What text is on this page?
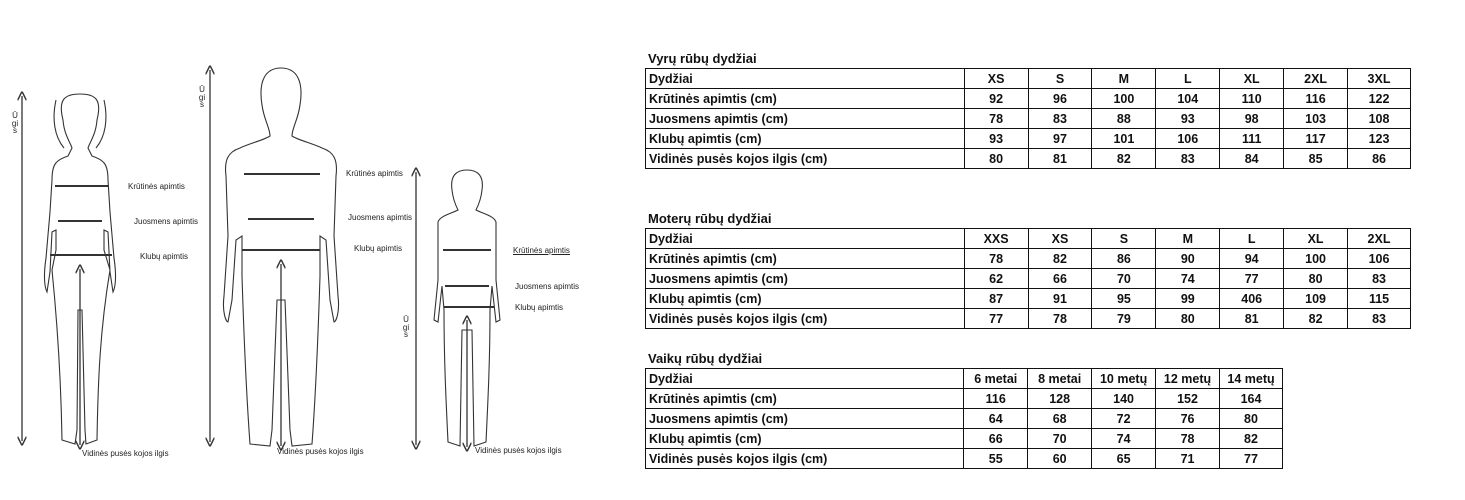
Ūgis
Krūtinės apimtis
Juosmens apimtis
Klubų apimtis
Vidinės pusės kojos ilgis
Ūgis
Krūtinės apimtis
Juosmens apimtis
Klubų apimtis
Vidinės pusės kojos ilgis
Ūgis
Krūtinės apimtis
Juosmens apimtis
Klubų apimtis
Vidinės pusės kojos ilgis
Vyrų rūbų dydžiai
Dydžiai	XS	S	M	L	XL	2XL	3XL
Krūtinės apimtis (cm)	92	96	100	104	110	116	122
Juosmens apimtis (cm)	78	83	88	93	98	103	108
Klubų apimtis (cm)	93	97	101	106	111	117	123
Vidinės pusės kojos ilgis (cm)	80	81	82	83	84	85	86
Moterų rūbų dydžiai
Dydžiai	XXS	XS	S	M	L	XL	2XL
Krūtinės apimtis (cm)	78	82	86	90	94	100	106
Juosmens apimtis (cm)	62	66	70	74	77	80	83
Klubų apimtis (cm)	87	91	95	99	406	109	115
Vidinės pusės kojos ilgis (cm)	77	78	79	80	81	82	83
Vaikų rūbų dydžiai
Dydžiai	6 metai	8 metai	10 metų	12 metų	14 metų
Krūtinės apimtis (cm)	116	128	140	152	164
Juosmens apimtis (cm)	64	68	72	76	80
Klubų apimtis (cm)	66	70	74	78	82
Vidinės pusės kojos ilgis (cm)	55	60	65	71	77
